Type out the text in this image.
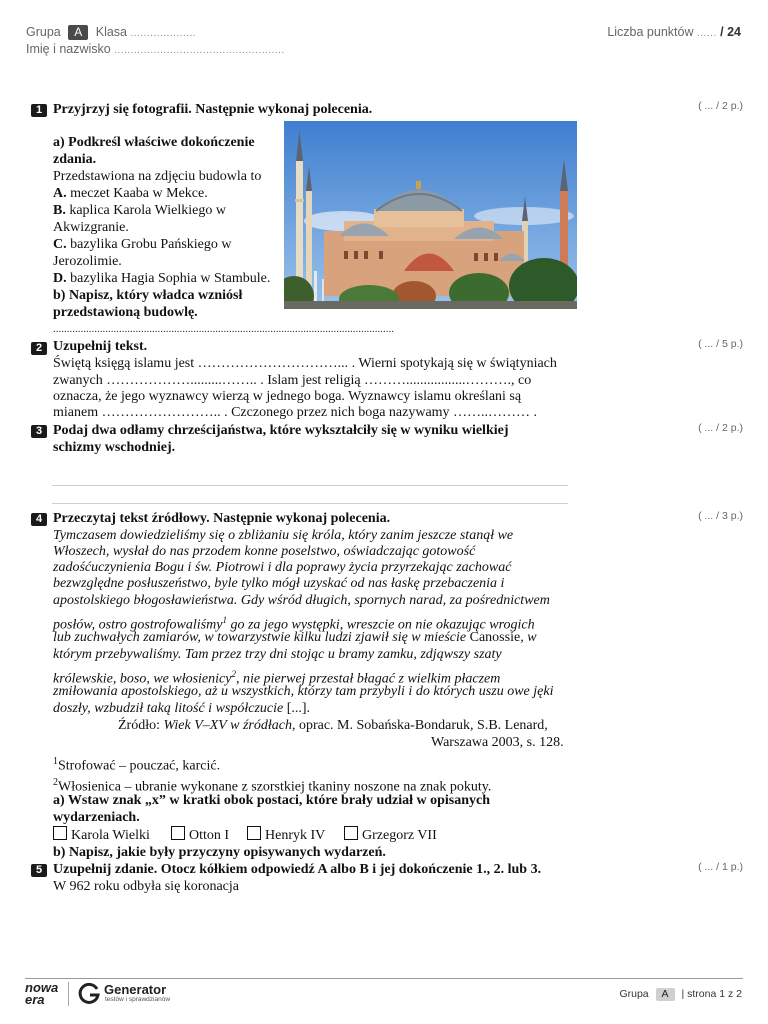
Grupa A Klasa ....................
Imię i nazwisko ....................................................
Liczba punktów ...... / 24
1	( ... / 2 p.)
Przyjrzyj się fotografii. Następnie wykonaj polecenia.
a) Podkreśl właściwe dokończenie
zdania.
Przedstawiona na zdjęciu budowla to
A. meczet Kaaba w Mekce.
B. kaplica Karola Wielkiego w
Akwizgranie.
C. bazylika Grobu Pańskiego w
Jerozolimie.
D. bazylika Hagia Sophia w Stambule.
b) Napisz, który władca wzniósł
przedstawioną budowlę.
............................................................................................................................
2	( ... / 5 p.)
Uzupełnij tekst.
Świętą księgą islamu jest …………………………... . Wierni spotykają się w świątyniach
zwanych ……………….........…….. . Islam jest religią ……….................………., co
oznacza, że jego wyznawcy wierzą w jednego boga. Wyznawcy islamu określani są
mianem …………………….. . Czczonego przez nich boga nazywamy ……..……… .
3	( ... / 2 p.)
Podaj dwa odłamy chrześcijaństwa, które wykształciły się w wyniku wielkiej
schizmy wschodniej.
4	( ... / 3 p.)
Przeczytaj tekst źródłowy. Następnie wykonaj polecenia.
Tymczasem dowiedzieliśmy się o zbliżaniu się króla, który zanim jeszcze stanął we
Włoszech, wysłał do nas przodem konne poselstwo, oświadczając gotowość
zadośćuczynienia Bogu i św. Piotrowi i dla poprawy życia przyrzekając zachować
bezwzględne posłuszeństwo, byle tylko mógł uzyskać od nas łaskę przebaczenia i
apostolskiego błogosławieństwa. Gdy wśród długich, spornych narad, za pośrednictwem
posłów, ostro gostrofowaliśmy$^1$ go za jego występki, wreszcie on nie okazując wrogich
lub zuchwałych zamiarów, w towarzystwie kilku ludzi zjawił się w mieście Canossie, w
którym przebywaliśmy. Tam przez trzy dni stojąc u bramy zamku, zdjąwszy szaty
królewskie, boso, we włosienicy$^2$, nie pierwej przestał błagać z wielkim płaczem
zmiłowania apostolskiego, aż u wszystkich, którzy tam przybyli i do których uszu owe jęki
doszły, wzbudził taką litość i współczucie [...].
Źródło: Wiek V–XV w źródłach, oprac. M. Sobańska-Bondaruk, S.B. Lenard,
Warszawa 2003, s. 128.
$^1$Strofować – pouczać, karcić.
$^2$Włosienica – ubranie wykonane z szorstkiej tkaniny noszone na znak pokuty.
a) Wstaw znak „x” w kratki obok postaci, które brały udział w opisanych
wydarzeniach.
Karola Wielki	Otton I	Henryk IV	Grzegorz VII
b) Napisz, jakie były przyczyny opisywanych wydarzeń.
5	( ... / 1 p.)
Uzupełnij zdanie. Otocz kółkiem odpowiedź A albo B i jej dokończenie 1., 2. lub 3.
W 962 roku odbyła się koronacja
nowa
era
Generator
testów i sprawdzianów	Grupa A | strona 1 z 2
